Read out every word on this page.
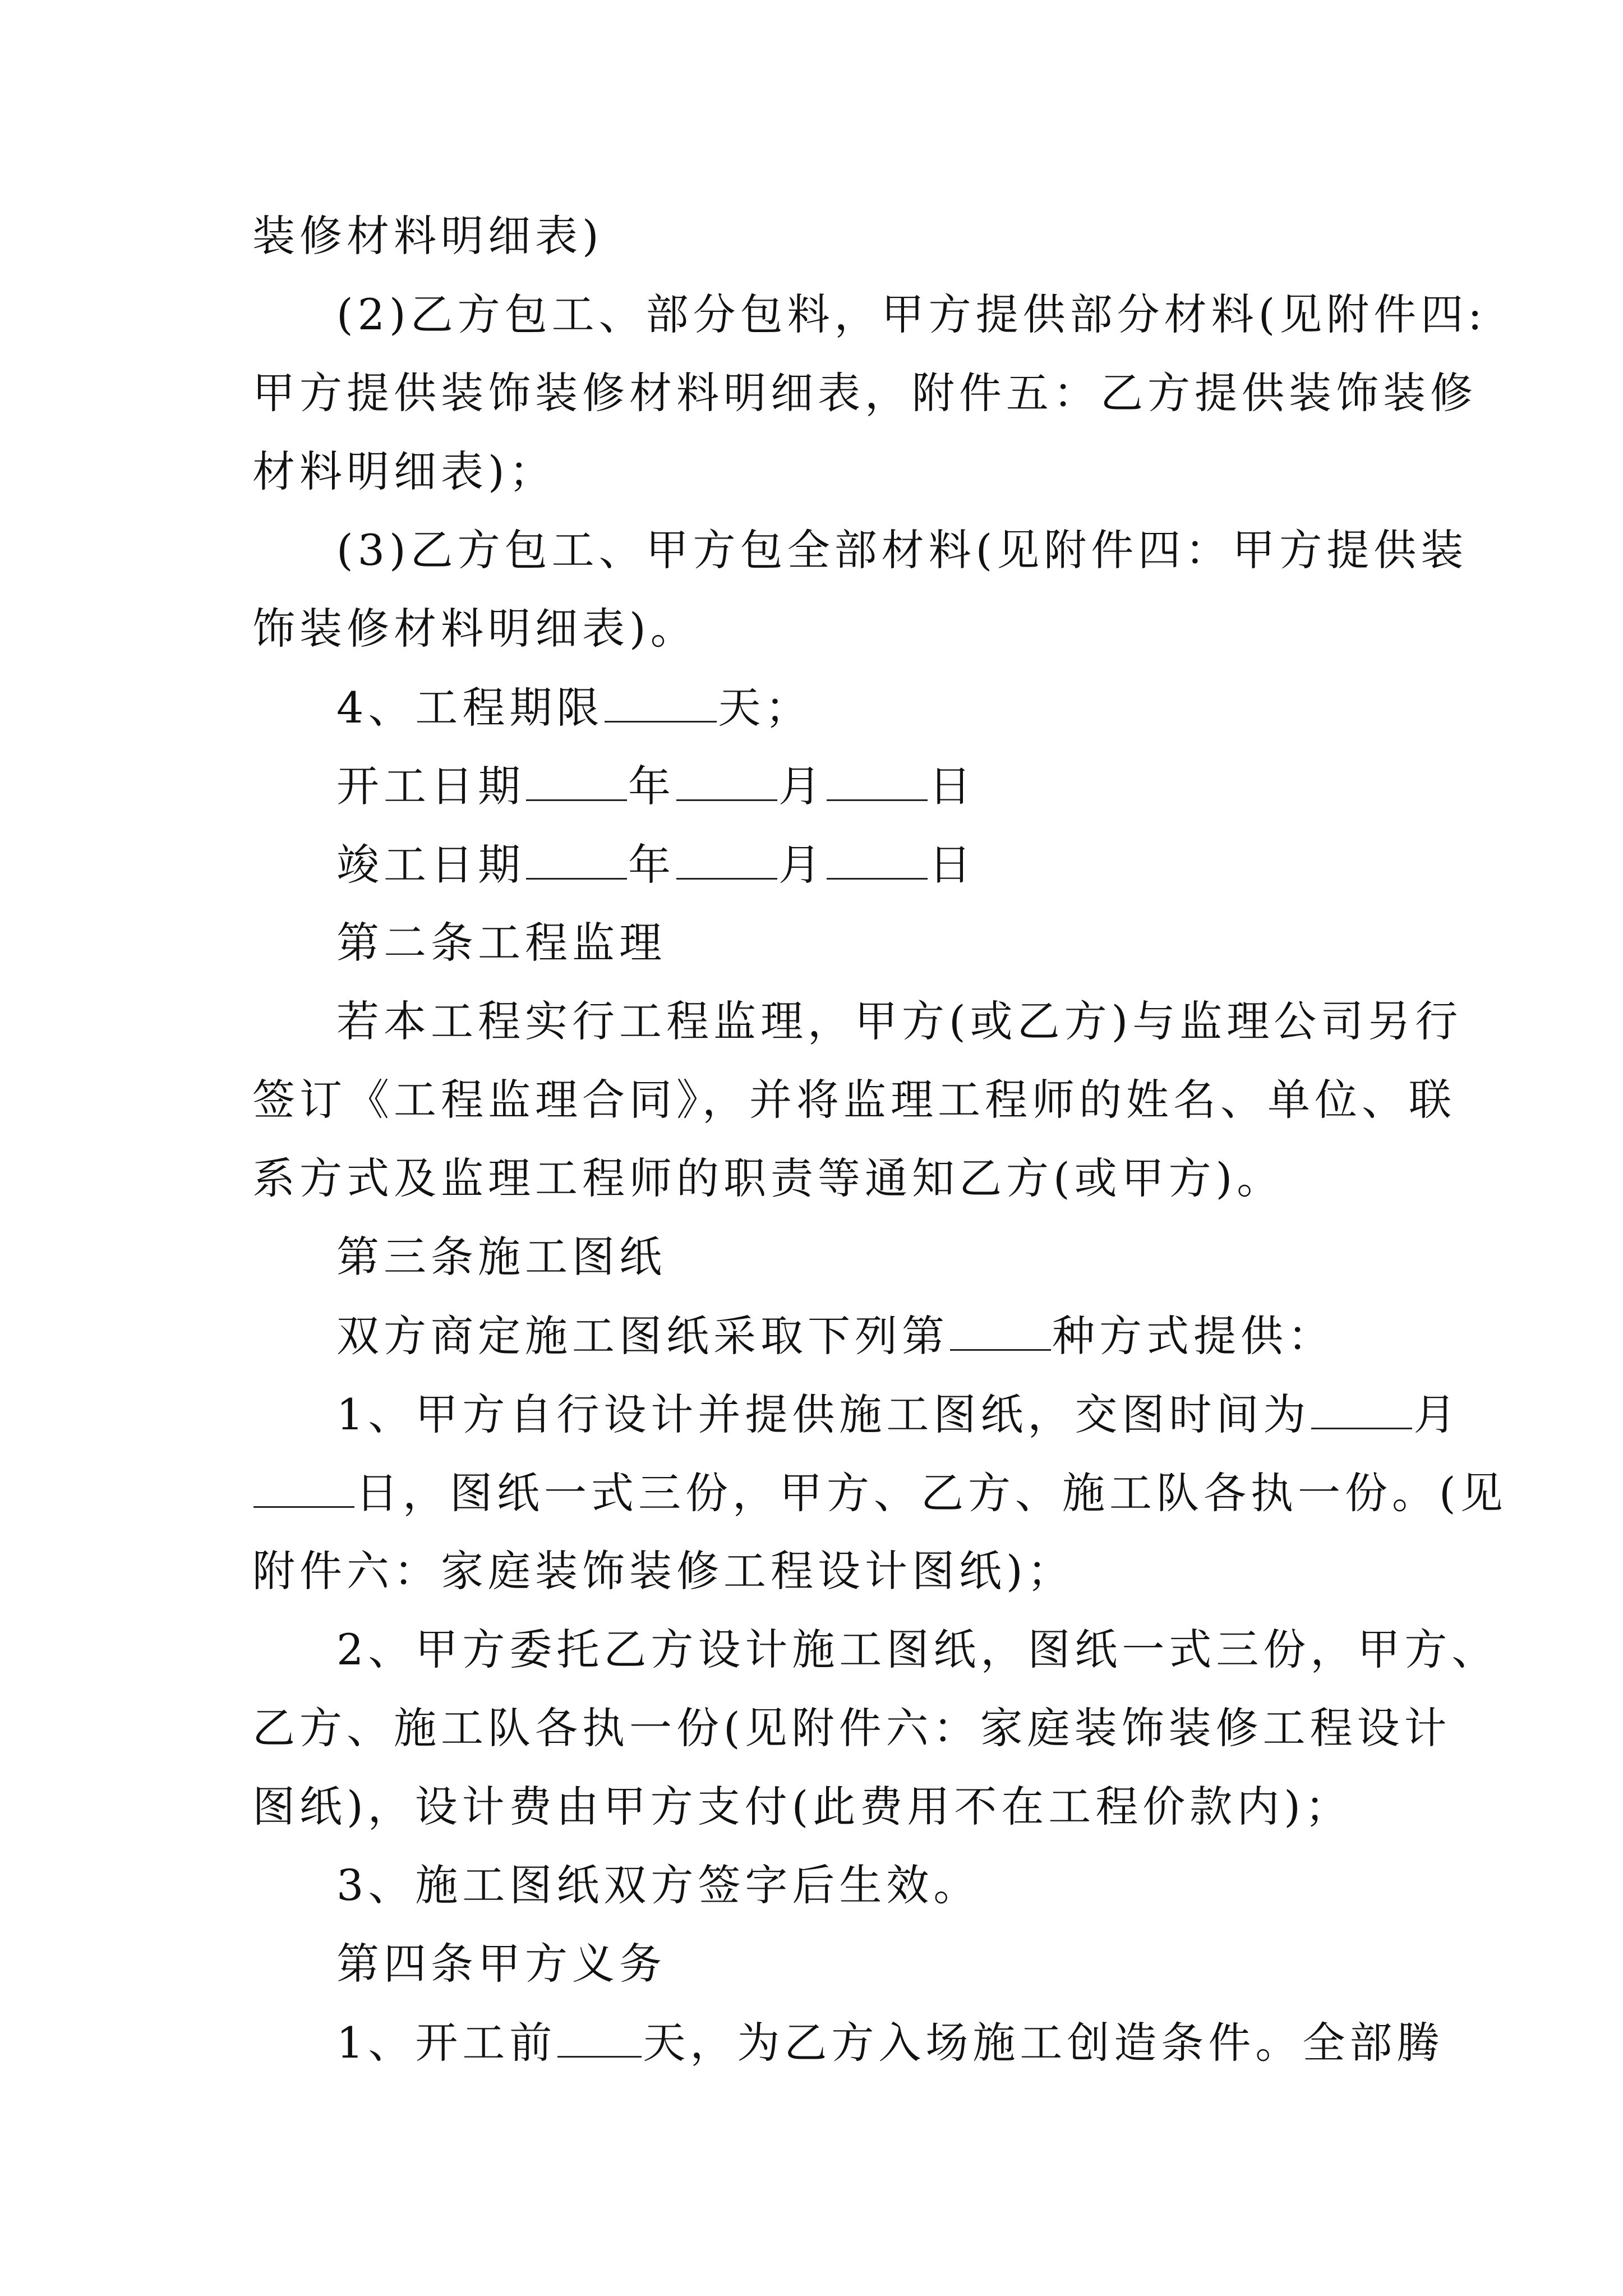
装修材料明细表)
(2)乙方包工、部分包料，甲方提供部分材料(见附件四:
甲方提供装饰装修材料明细表，附件五：乙方提供装饰装修
材料明细表)；
(3)乙方包工、甲方包全部材料(见附件四：甲方提供装
饰装修材料明细表)。
4、工程期限	天；
开工日期 年 月 日
竣工日期 年 月 日
第二条工程监理
若本工程实行工程监理，甲方(或乙方)与监理公司另行
签订《工程监理合同》，并将监理工程师的姓名、单位、联
系方式及监理工程师的职责等通知乙方(或甲方)。
第三条施工图纸
双方商定施工图纸采取下列第 种方式提供：
1、甲方自行设计并提供施工图纸，交图时间为 月
日，图纸一式三份，甲方、乙方、施工队各执一份。(见
附件六：家庭装饰装修工程设计图纸)；
2、甲方委托乙方设计施工图纸，图纸一式三份，甲方、
乙方、施工队各执一份(见附件六：家庭装饰装修工程设计
图纸)，设计费由甲方支付(此费用不在工程价款内)；
3、施工图纸双方签字后生效。
第四条甲方义务
1、开工前 天，为乙方入场施工创造条件。全部腾
